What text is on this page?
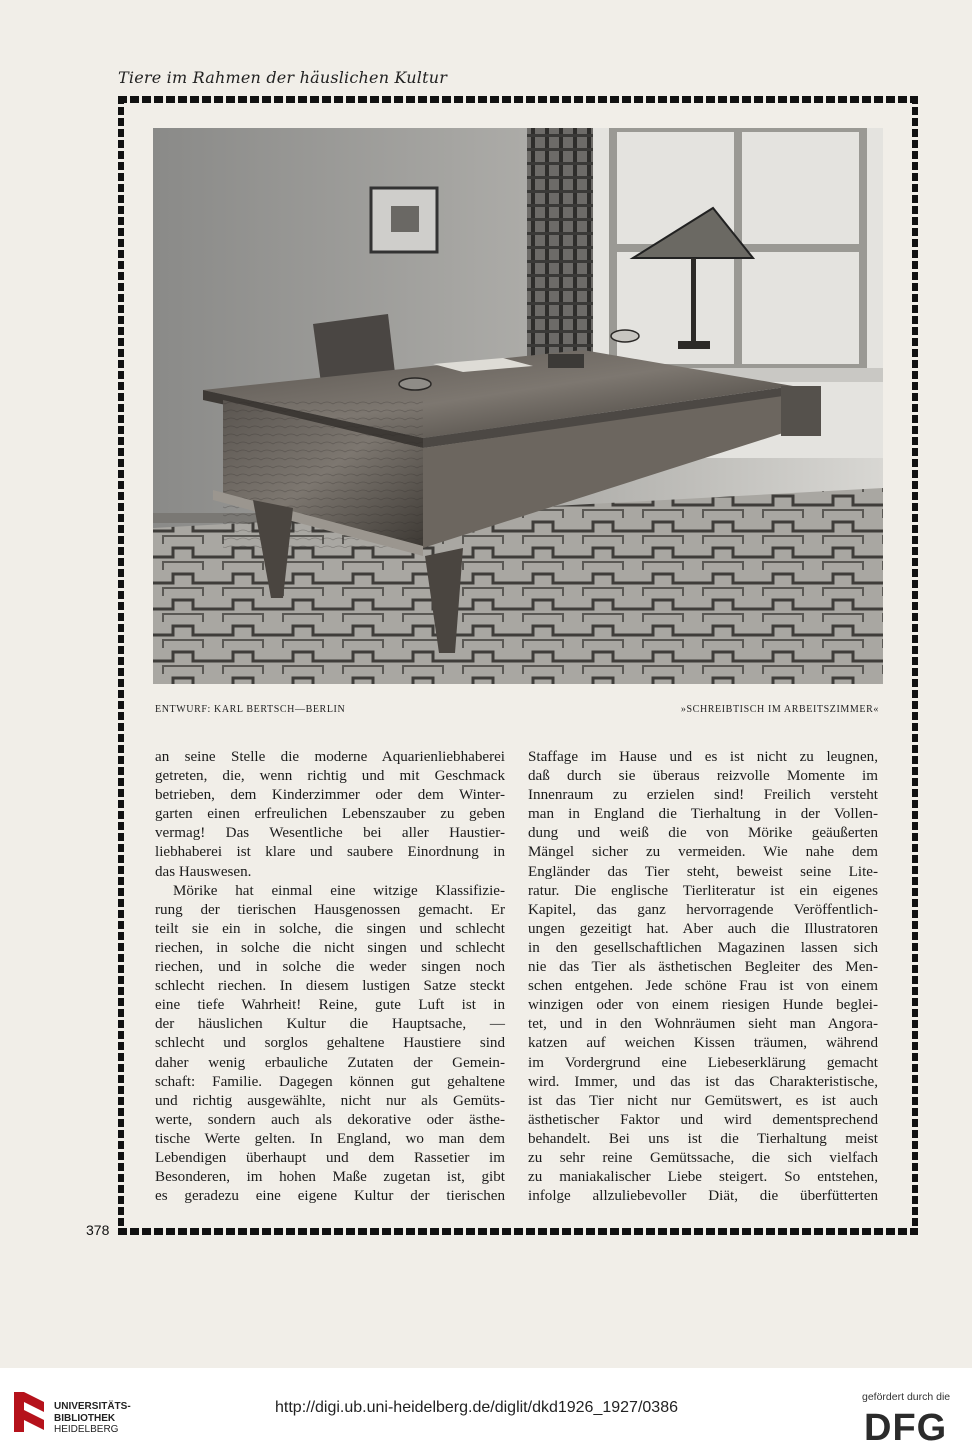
Tiere im Rahmen der häuslichen Kultur
ENTWURF: KARL BERTSCH—BERLIN	»SCHREIBTISCH IM ARBEITSZIMMER«
an seine Stelle die moderne Aquarienliebhaberei
getreten, die, wenn richtig und mit Geschmack
betrieben, dem Kinderzimmer oder dem Winter-
garten einen erfreulichen Lebenszauber zu geben
vermag! Das Wesentliche bei aller Haustier-
liebhaberei ist klare und saubere Einordnung in
das Hauswesen.
Mörike hat einmal eine witzige Klassifizie-
rung der tierischen Hausgenossen gemacht. Er
teilt sie ein in solche, die singen und schlecht
riechen, in solche die nicht singen und schlecht
riechen, und in solche die weder singen noch
schlecht riechen. In diesem lustigen Satze steckt
eine tiefe Wahrheit! Reine, gute Luft ist in
der häuslichen Kultur die Hauptsache, —
schlecht und sorglos gehaltene Haustiere sind
daher wenig erbauliche Zutaten der Gemein-
schaft: Familie. Dagegen können gut gehaltene
und richtig ausgewählte, nicht nur als Gemüts-
werte, sondern auch als dekorative oder ästhe-
tische Werte gelten. In England, wo man dem
Lebendigen überhaupt und dem Rassetier im
Besonderen, im hohen Maße zugetan ist, gibt
es geradezu eine eigene Kultur der tierischen
Staffage im Hause und es ist nicht zu leugnen,
daß durch sie überaus reizvolle Momente im
Innenraum zu erzielen sind! Freilich versteht
man in England die Tierhaltung in der Vollen-
dung und weiß die von Mörike geäußerten
Mängel sicher zu vermeiden. Wie nahe dem
Engländer das Tier steht, beweist seine Lite-
ratur. Die englische Tierliteratur ist ein eigenes
Kapitel, das ganz hervorragende Veröffentlich-
ungen gezeitigt hat. Aber auch die Illustratoren
in den gesellschaftlichen Magazinen lassen sich
nie das Tier als ästhetischen Begleiter des Men-
schen entgehen. Jede schöne Frau ist von einem
winzigen oder von einem riesigen Hunde beglei-
tet, und in den Wohnräumen sieht man Angora-
katzen auf weichen Kissen träumen, während
im Vordergrund eine Liebeserklärung gemacht
wird. Immer, und das ist das Charakteristische,
ist das Tier nicht nur Gemütswert, es ist auch
ästhetischer Faktor und wird dementsprechend
behandelt. Bei uns ist die Tierhaltung meist
zu sehr reine Gemütssache, die sich vielfach
zu maniakalischer Liebe steigert. So entstehen,
infolge allzuliebevoller Diät, die überfütterten
378
UNIVERSITÄTS-
BIBLIOTHEK
HEIDELBERG
http://digi.ub.uni-heidelberg.de/diglit/dkd1926_1927/0386
gefördert durch die
DFG
